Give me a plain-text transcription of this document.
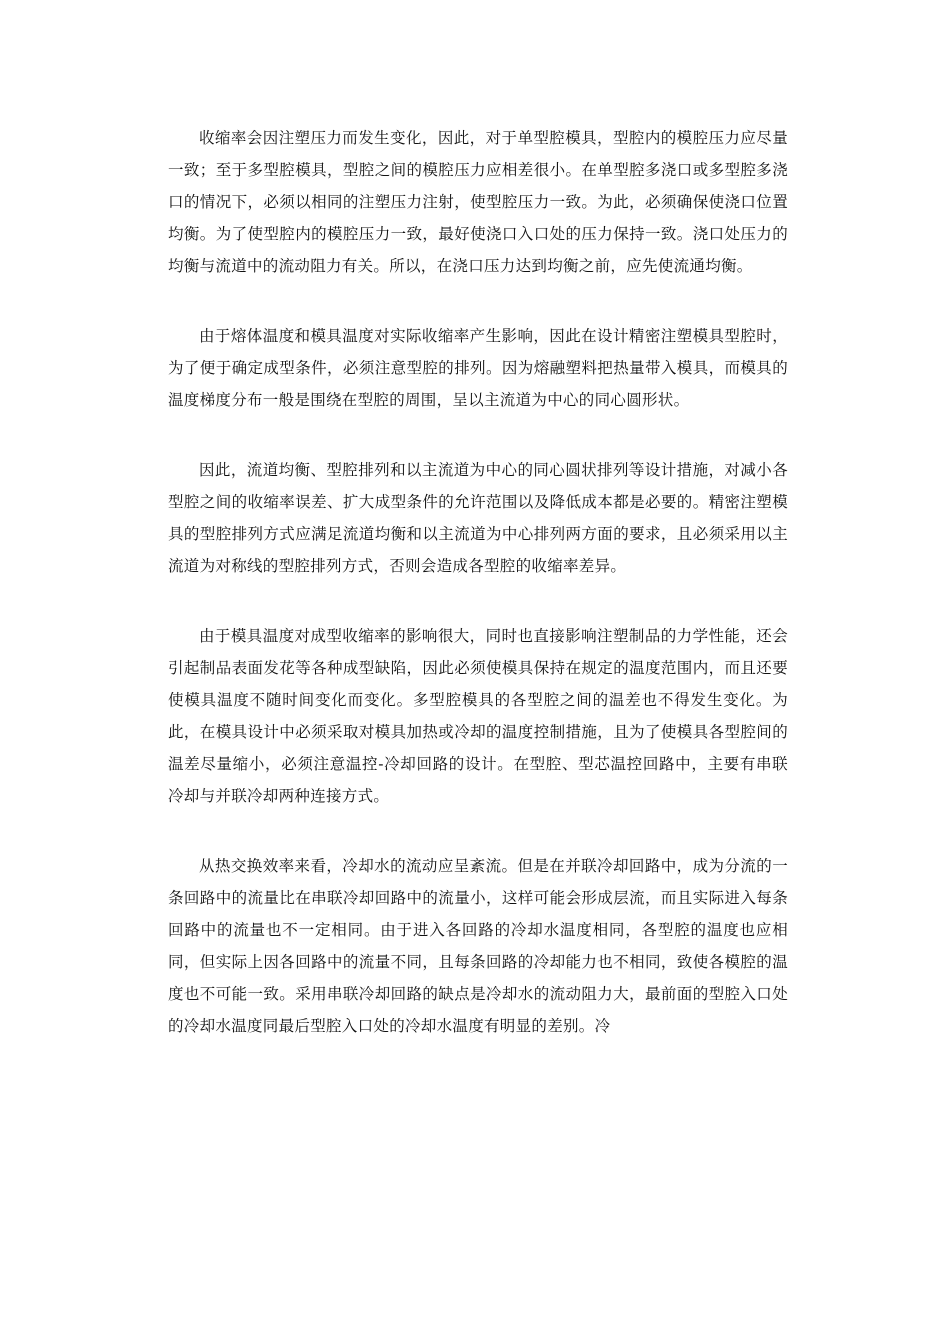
收缩率会因注塑压力而发生变化，因此，对于单型腔模具，型腔内的模腔压力应尽量一致；至于多型腔模具，型腔之间的模腔压力应相差很小。在单型腔多浇口或多型腔多浇口的情况下，必须以相同的注塑压力注射，使型腔压力一致。为此，必须确保使浇口位置均衡。为了使型腔内的模腔压力一致，最好使浇口入口处的压力保持一致。浇口处压力的均衡与流道中的流动阻力有关。所以，在浇口压力达到均衡之前，应先使流通均衡。

由于熔体温度和模具温度对实际收缩率产生影响，因此在设计精密注塑模具型腔时，为了便于确定成型条件，必须注意型腔的排列。因为熔融塑料把热量带入模具，而模具的温度梯度分布一般是围绕在型腔的周围，呈以主流道为中心的同心圆形状。

因此，流道均衡、型腔排列和以主流道为中心的同心圆状排列等设计措施，对减小各型腔之间的收缩率误差、扩大成型条件的允许范围以及降低成本都是必要的。精密注塑模具的型腔排列方式应满足流道均衡和以主流道为中心排列两方面的要求，且必须采用以主流道为对称线的型腔排列方式，否则会造成各型腔的收缩率差异。

由于模具温度对成型收缩率的影响很大，同时也直接影响注塑制品的力学性能，还会引起制品表面发花等各种成型缺陷，因此必须使模具保持在规定的温度范围内，而且还要使模具温度不随时间变化而变化。多型腔模具的各型腔之间的温差也不得发生变化。为此，在模具设计中必须采取对模具加热或冷却的温度控制措施，且为了使模具各型腔间的温差尽量缩小，必须注意温控-冷却回路的设计。在型腔、型芯温控回路中，主要有串联冷却与并联冷却两种连接方式。

从热交换效率来看，冷却水的流动应呈紊流。但是在并联冷却回路中，成为分流的一条回路中的流量比在串联冷却回路中的流量小，这样可能会形成层流，而且实际进入每条回路中的流量也不一定相同。由于进入各回路的冷却水温度相同，各型腔的温度也应相同，但实际上因各回路中的流量不同，且每条回路的冷却能力也不相同，致使各模腔的温度也不可能一致。采用串联冷却回路的缺点是冷却水的流动阻力大，最前面的型腔入口处的冷却水温度同最后型腔入口处的冷却水温度有明显的差别。冷
